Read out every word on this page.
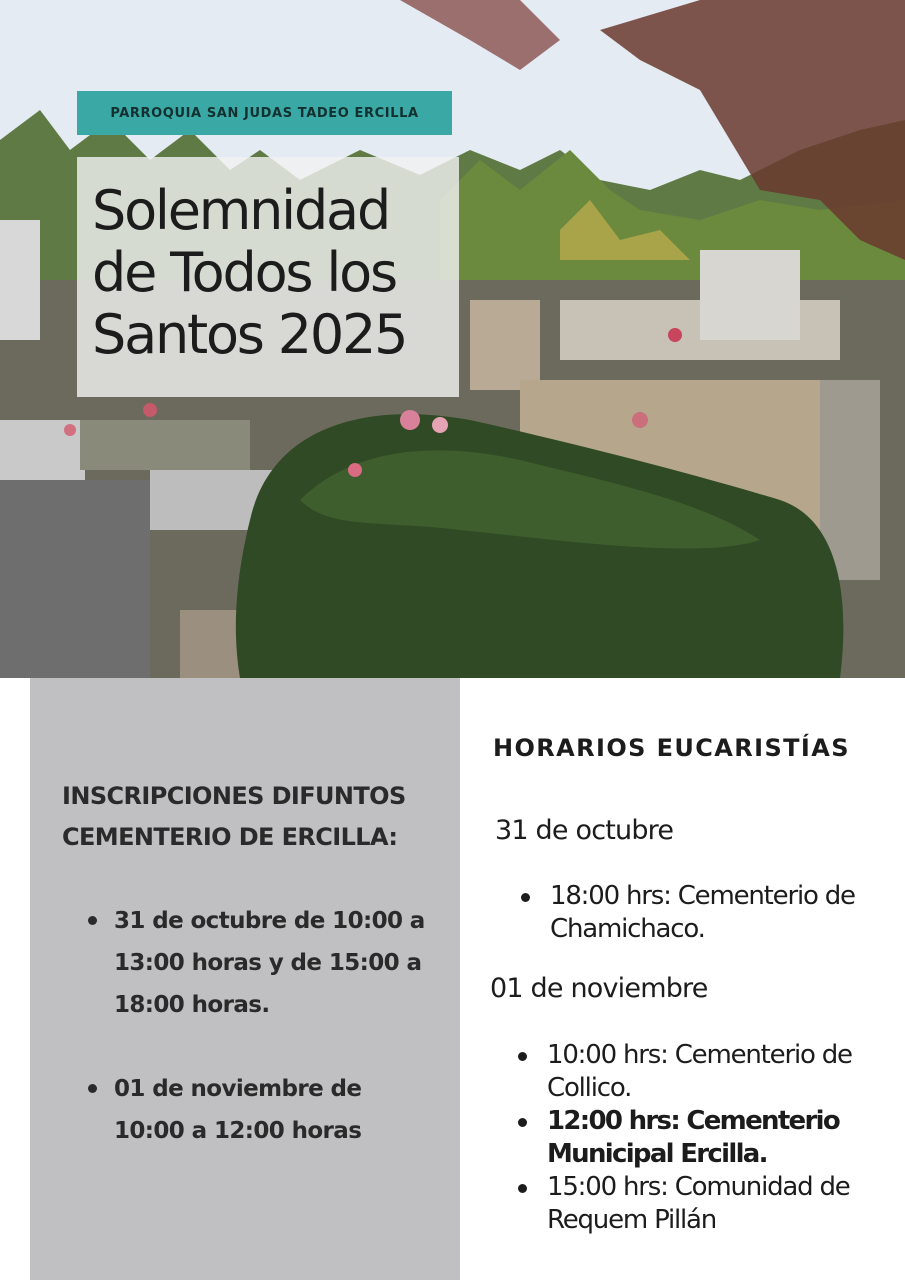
PARROQUIA SAN JUDAS TADEO ERCILLA
Solemnidad de Todos los Santos 2025
INSCRIPCIONES DIFUNTOS CEMENTERIO DE ERCILLA:
31 de octubre de 10:00 a 13:00 horas y de 15:00 a 18:00 horas.
01 de noviembre de 10:00 a 12:00 horas
HORARIOS EUCARISTÍAS

31 de octubre

18:00 hrs: Cementerio de Chamichaco.

01 de noviembre

10:00 hrs: Cementerio de Collico.
12:00 hrs: Cementerio Municipal Ercilla.
15:00 hrs: Comunidad de Requem Pillán
